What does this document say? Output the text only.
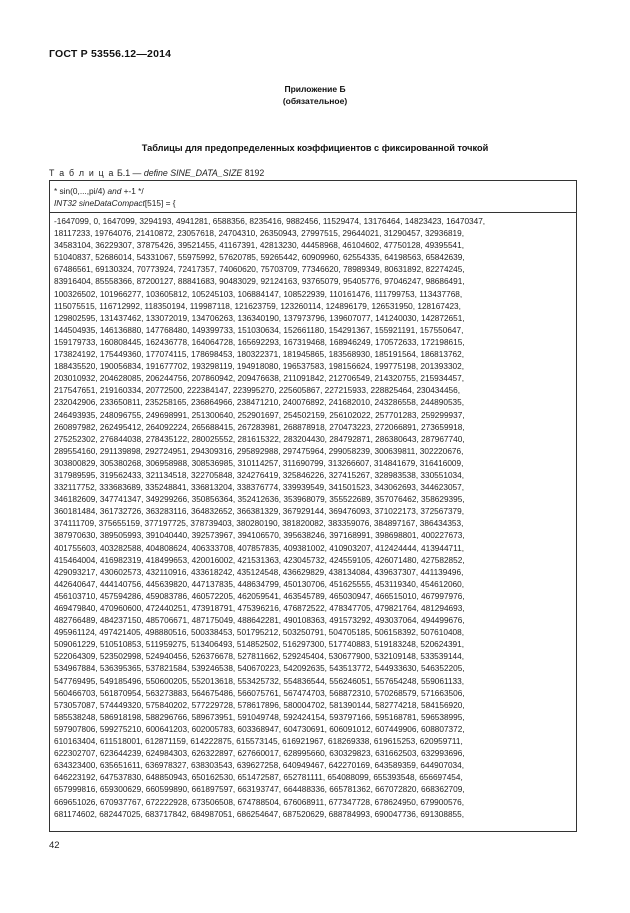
ГОСТ Р 53556.12—2014
Приложение Б
(обязательное)
Таблицы для предопределенных коэффициентов с фиксированной точкой
Т а б л и ц а Б.1 — define SINE_DATA_SIZE 8192
* sin(0,...,pi/4) and +-1 */
INT32 sineDataCompact[515] = {
-1647099, 0, 1647099, 3294193, 4941281, 6588356, 8235416, 9882456, 11529474, 13176464, 14823423, 16470347,
18117233, 19764076, 21410872, 23057618, 24704310, 26350943, 27997515, 29644021, 31290457, 32936819,
34583104, 36229307, 37875426, 39521455, 41167391, 42813230, 44458968, 46104602, 47750128, 49395541,
51040837, 52686014, 54331067, 55975992, 57620785, 59265442, 60909960, 62554335, 64198563, 65842639,
67486561, 69130324, 70773924, 72417357, 74060620, 75703709, 77346620, 78989349, 80631892, 82274245,
83916404, 85558366, 87200127, 88841683, 90483029, 92124163, 93765079, 95405776, 97046247, 98686491,
100326502, 101966277, 103605812, 105245103, 106884147, 108522939, 110161476, 111799753, 113437768,
115075515, 116712992, 118350194, 119987118, 121623759, 123260114, 124896179, 126531950, 128167423,
129802595, 131437462, 133072019, 134706263, 136340190, 137973796, 139607077, 141240030, 142872651,
144504935, 146136880, 147768480, 149399733, 151030634, 152661180, 154291367, 155921191, 157550647,
159179733, 160808445, 162436778, 164064728, 165692293, 167319468, 168946249, 170572633, 172198615,
173824192, 175449360, 177074115, 178698453, 180322371, 181945865, 183568930, 185191564, 186813762,
188435520, 190056834, 191677702, 193298119, 194918080, 196537583, 198156624, 199775198, 201393302,
203010932, 204628085, 206244756, 207860942, 209476638, 211091842, 212706549, 214320755, 215934457,
217547651, 219160334, 20772500, 222384147, 223995270, 225605867, 227215933, 228825464, 230434456,
232042906, 233650811, 235258165, 236864966, 238471210, 240076892, 241682010, 243286558, 244890535,
246493935, 248096755, 249698991, 251300640, 252901697, 254502159, 256102022, 257701283, 259299937,
260897982, 262495412, 264092224, 265688415, 267283981, 268878918, 270473223, 272066891, 273659918,
275252302, 276844038, 278435122, 280025552, 281615322, 283204430, 284792871, 286380643, 287967740,
289554160, 291139898, 292724951, 294309316, 295892988, 297475964, 299058239, 300639811, 302220676,
303800829, 305380268, 306958988, 308536985, 310114257, 311690799, 313266607, 314841679, 316416009,
317989595, 319562433, 321134518, 322705848, 324276419, 325846226, 327415267, 328983538, 330551034,
332117752, 333683689, 335248841, 336813204, 338376774, 339939549, 341501523, 343062693, 344623057,
346182609, 347741347, 349299266, 350856364, 352412636, 353968079, 355522689, 357076462, 358629395,
360181484, 361732726, 363283116, 364832652, 366381329, 367929144, 369476093, 371022173, 372567379,
374111709, 375655159, 377197725, 378739403, 380280190, 381820082, 383359076, 384897167, 386434353,
387970630, 389505993, 391040440, 392573967, 394106570, 395638246, 397168991, 398698801, 400227673,
401755603, 403282588, 404808624, 406333708, 407857835, 409381002, 410903207, 412424444, 413944711,
415464004, 416982319, 418499653, 420016002, 421531363, 423045732, 424559105, 426071480, 427582852,
429093217, 430602573, 432110916, 433618242, 435124548, 436629829, 438134084, 439637307, 441139496,
442640647, 444140756, 445639820, 447137835, 448634799, 450130706, 451625555, 453119340, 454612060,
456103710, 457594286, 459083786, 460572205, 462059541, 463545789, 465030947, 466515010, 467997976,
469479840, 470960600, 472440251, 473918791, 475396216, 476872522, 478347705, 479821764, 481294693,
482766489, 484237150, 485706671, 487175049, 488642281, 490108363, 491573292, 493037064, 494499676,
495961124, 497421405, 498880516, 500338453, 501795212, 503250791, 504705185, 506158392, 507610408,
509061229, 510510853, 511959275, 513406493, 514852502, 516297300, 517740883, 519183248, 520624391,
522064309, 523502998, 524940456, 526376678, 527811662, 529245404, 530677900, 532109148, 533539144,
534967884, 536395365, 537821584, 539246538, 540670223, 542092635, 543513772, 544933630, 546352205,
547769495, 549185496, 550600205, 552013618, 553425732, 554836544, 556246051, 557654248, 559061133,
560466703, 561870954, 563273883, 564675486, 566075761, 567474703, 568872310, 570268579, 571663506,
573057087, 574449320, 575840202, 577229728, 578617896, 580004702, 581390144, 582774218, 584156920,
585538248, 586918198, 588296766, 589673951, 591049748, 592424154, 593797166, 595168781, 596538995,
597907806, 599275210, 600641203, 602005783, 603368947, 604730691, 606091012, 607449906, 608807372,
610163404, 611518001, 612871159, 614222875, 615573145, 616921967, 618269338, 619615253, 620959711,
622302707, 623644239, 624984303, 626322897, 627660017, 628995660, 630329823, 631662503, 632993696,
634323400, 635651611, 636978327, 638303543, 639627258, 640949467, 642270169, 643589359, 644907034,
646223192, 647537830, 648850943, 650162530, 651472587, 652781111, 654088099, 655393548, 656697454,
657999816, 659300629, 660599890, 661897597, 663193747, 664488336, 665781362, 667072820, 668362709,
669651026, 670937767, 672222928, 673506508, 674788504, 676068911, 677347728, 678624950, 679900576,
681174602, 682447025, 683717842, 684987051, 686254647, 687520629, 688784993, 690047736, 691308855,
42
